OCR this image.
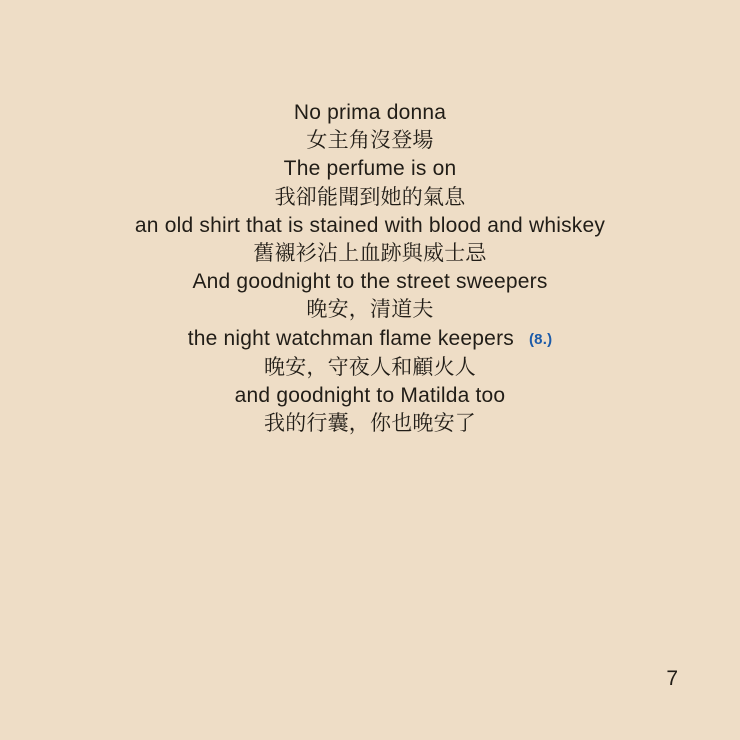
No prima donna
女主角沒登場
The perfume is on
我卻能聞到她的氣息
an old shirt that is stained with blood and whiskey
舊襯衫沾上血跡與威士忌
And goodnight to the street sweepers
晚安，清道夫
the night watchman flame keepers (8.)
晚安，守夜人和顧火人
and goodnight to Matilda too
我的行囊，你也晚安了
7
